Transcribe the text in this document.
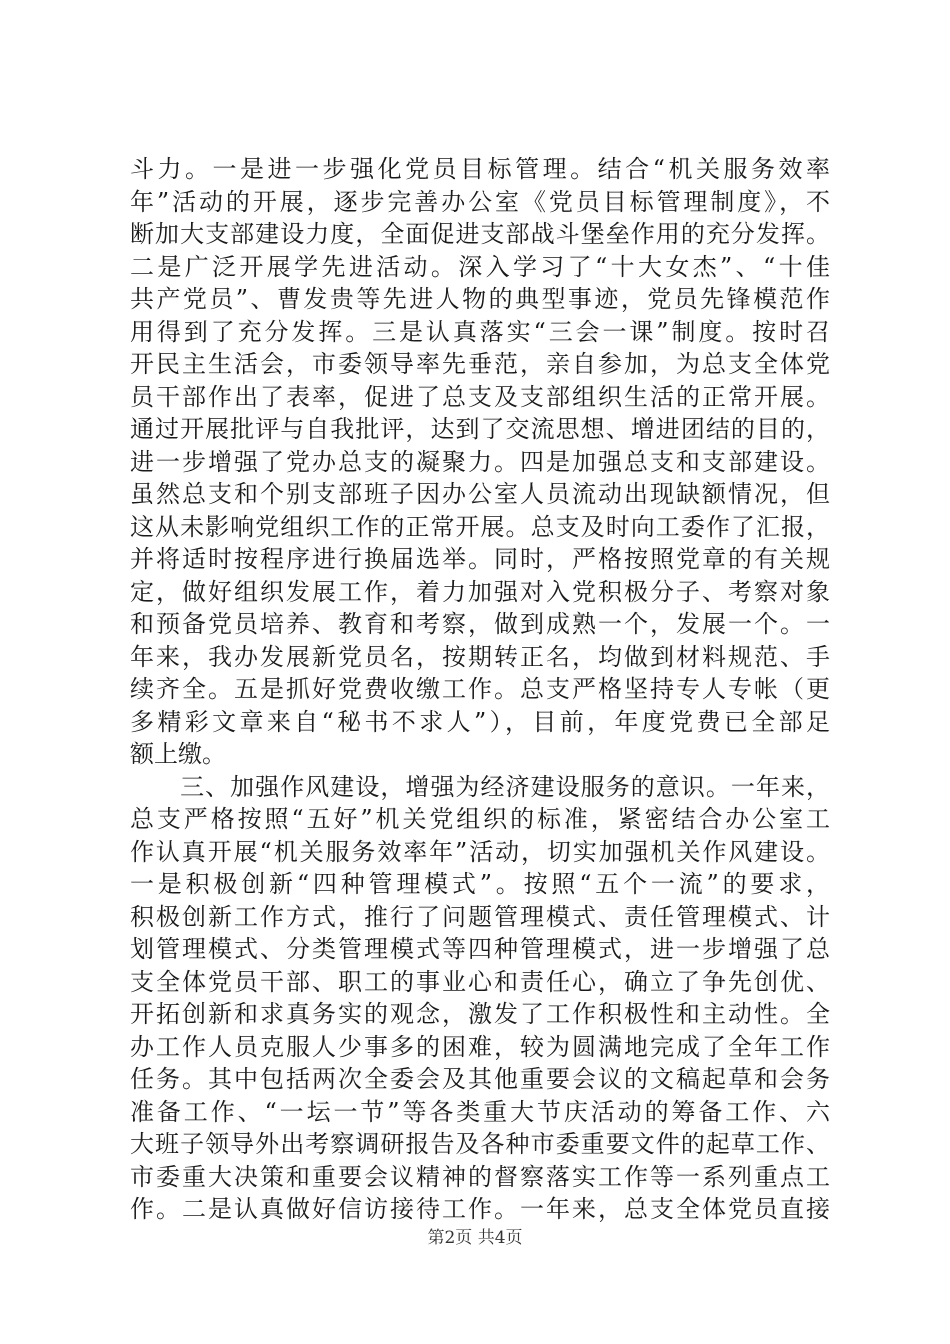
斗力。一是进一步强化党员目标管理。结合“机关服务效率
年”活动的开展，逐步完善办公室《党员目标管理制度》，不
断加大支部建设力度，全面促进支部战斗堡垒作用的充分发挥。
二是广泛开展学先进活动。深入学习了“十大女杰”、“十佳
共产党员”、曹发贵等先进人物的典型事迹，党员先锋模范作
用得到了充分发挥。三是认真落实“三会一课”制度。按时召
开民主生活会，市委领导率先垂范，亲自参加，为总支全体党
员干部作出了表率，促进了总支及支部组织生活的正常开展。
通过开展批评与自我批评，达到了交流思想、增进团结的目的，
进一步增强了党办总支的凝聚力。四是加强总支和支部建设。
虽然总支和个别支部班子因办公室人员流动出现缺额情况，但
这从未影响党组织工作的正常开展。总支及时向工委作了汇报，
并将适时按程序进行换届选举。同时，严格按照党章的有关规
定，做好组织发展工作，着力加强对入党积极分子、考察对象
和预备党员培养、教育和考察，做到成熟一个，发展一个。一
年来，我办发展新党员名，按期转正名，均做到材料规范、手
续齐全。五是抓好党费收缴工作。总支严格坚持专人专帐（更
多精彩文章来自“秘书不求人”），目前，年度党费已全部足
额上缴。
　　三、加强作风建设，增强为经济建设服务的意识。一年来，
总支严格按照“五好”机关党组织的标准，紧密结合办公室工
作认真开展“机关服务效率年”活动，切实加强机关作风建设。
一是积极创新“四种管理模式”。按照“五个一流”的要求，
积极创新工作方式，推行了问题管理模式、责任管理模式、计
划管理模式、分类管理模式等四种管理模式，进一步增强了总
支全体党员干部、职工的事业心和责任心，确立了争先创优、
开拓创新和求真务实的观念，激发了工作积极性和主动性。全
办工作人员克服人少事多的困难，较为圆满地完成了全年工作
任务。其中包括两次全委会及其他重要会议的文稿起草和会务
准备工作、“一坛一节”等各类重大节庆活动的筹备工作、六
大班子领导外出考察调研报告及各种市委重要文件的起草工作、
市委重大决策和重要会议精神的督察落实工作等一系列重点工
作。二是认真做好信访接待工作。一年来，总支全体党员直接
第2页 共4页
